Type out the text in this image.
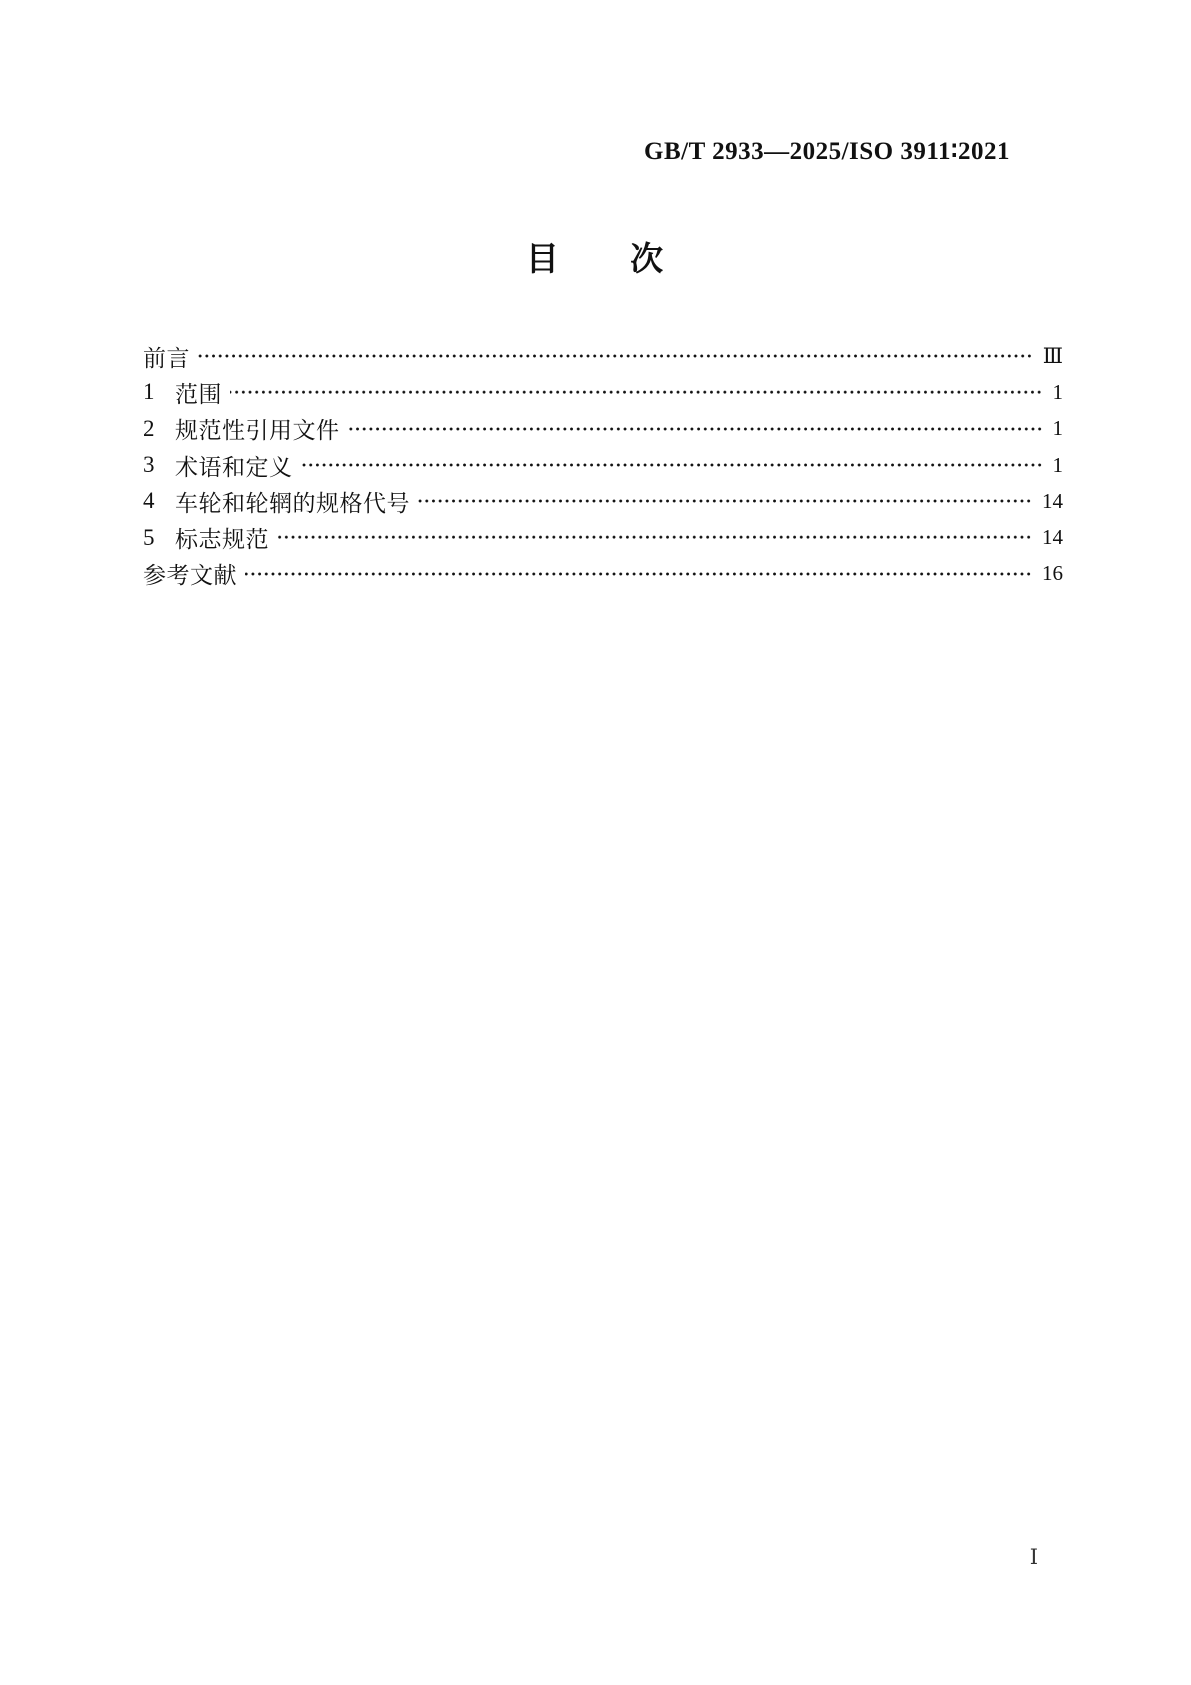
GB/T 2933—2025/ISO 3911∶2021
目 次
前言	Ⅲ
1 范围	1
2 规范性引用文件	1
3 术语和定义	1
4 车轮和轮辋的规格代号	14
5 标志规范	14
参考文献	16
Ⅰ
